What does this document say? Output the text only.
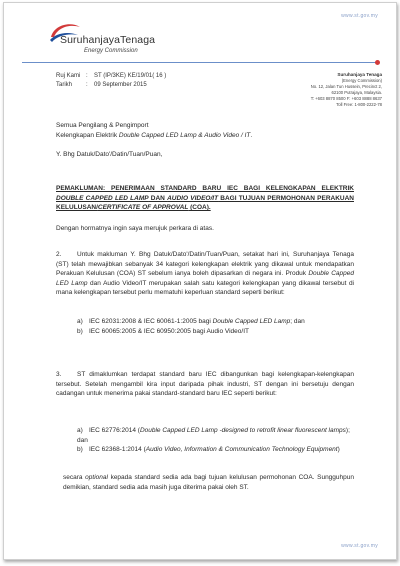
www.st.gov.my
SuruhanjayaTenaga
Energy Commission
Ruj Kami : ST (IP/3KE) KE/19/01( 16 )
Tarikh : 09 September 2015
Suruhanjaya Tenaga
(Energy Commission)
No. 12, Jalan Tun Hussein, Precinct 2,
62100 Putrajaya, Malaysia.
T: +603 8870 8500 F: +603 8888 8637
Toll Free: 1-800-2222-78
Semua Pengilang & Pengimport
Kelengkapan Elektrik Double Capped LED Lamp & Audio Video / IT.
Y. Bhg Datuk/Dato'/Datin/Tuan/Puan,
PEMAKLUMAN: PENERIMAAN STANDARD BARU IEC BAGI KELENGKAPAN ELEKTRIK DOUBLE CAPPED LED LAMP DAN AUDIO VIDEO/IT BAGI TUJUAN PERMOHONAN PERAKUAN KELULUSAN/CERTIFICATE OF APPROVAL (COA).
Dengan hormatnya ingin saya merujuk perkara di atas.
2. Untuk makluman Y. Bhg Datuk/Dato'/Datin/Tuan/Puan, setakat hari ini, Suruhanjaya Tenaga (ST) telah mewajibkan sebanyak 34 kategori kelengkapan elektrik yang dikawal untuk mendapatkan Perakuan Kelulusan (COA) ST sebelum ianya boleh dipasarkan di negara ini. Produk Double Capped LED Lamp dan Audio Video/IT merupakan salah satu kategori kelengkapan yang dikawal tersebut di mana kelengkapan tersebut perlu mematuhi keperluan standard seperti berikut:
a) IEC 62031:2008 & IEC 60061-1:2005 bagi Double Capped LED Lamp; dan
b) IEC 60065:2005 & IEC 60950:2005 bagi Audio Video/IT
3. ST dimaklumkan terdapat standard baru IEC dibangunkan bagi kelengkapan-kelengkapan tersebut. Setelah mengambil kira input daripada pihak industri, ST dengan ini bersetuju dengan cadangan untuk menerima pakai standard-standard baru IEC seperti berikut:
a) IEC 62776:2014 (Double Capped LED Lamp -designed to retrofit linear fluorescent lamps); dan
b) IEC 62368-1:2014 (Audio Video, Information & Communication Technology Equipment)
secara optional kepada standard sedia ada bagi tujuan kelulusan permohonan COA. Sungguhpun demikian, standard sedia ada masih juga diterima pakai oleh ST.
www.st.gov.my
